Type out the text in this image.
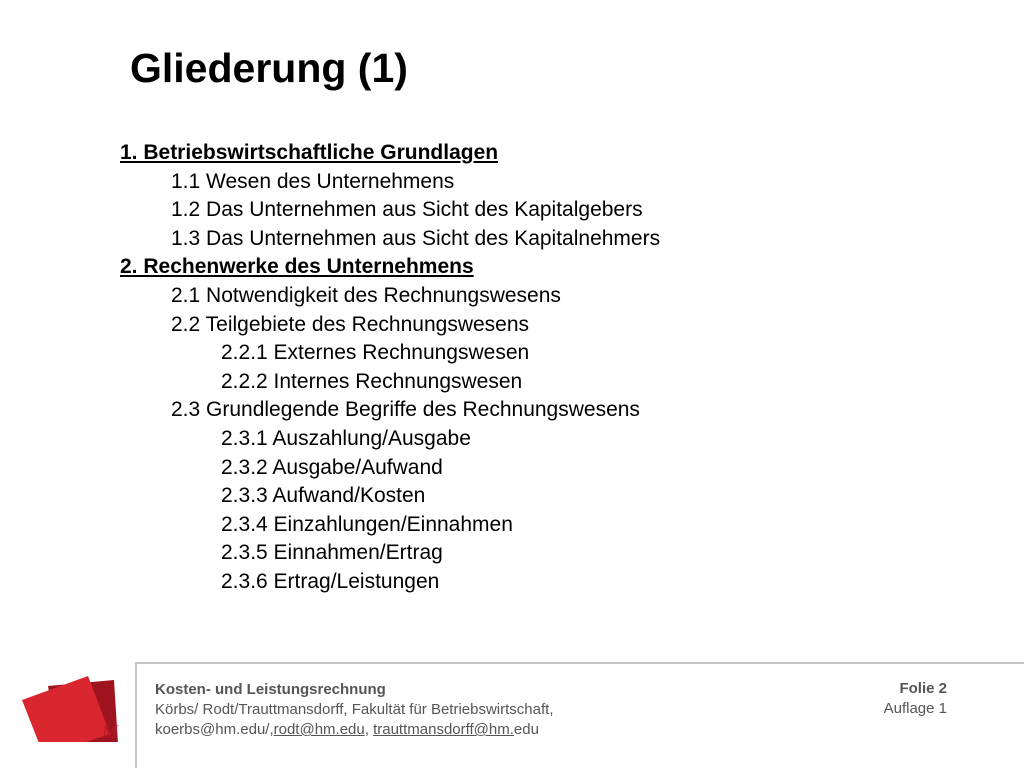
Gliederung (1)
1. Betriebswirtschaftliche Grundlagen
1.1 Wesen des Unternehmens
1.2 Das Unternehmen aus Sicht des Kapitalgebers
1.3 Das Unternehmen aus Sicht des Kapitalnehmers
2. Rechenwerke des Unternehmens
2.1 Notwendigkeit des Rechnungswesens
2.2 Teilgebiete des Rechnungswesens
2.2.1 Externes Rechnungswesen
2.2.2 Internes Rechnungswesen
2.3 Grundlegende Begriffe des Rechnungswesens
2.3.1 Auszahlung/Ausgabe
2.3.2 Ausgabe/Aufwand
2.3.3 Aufwand/Kosten
2.3.4 Einzahlungen/Einnahmen
2.3.5 Einnahmen/Ertrag
2.3.6 Ertrag/Leistungen
Kosten- und Leistungsrechnung
Körbs/ Rodt/Trauttmansdorff, Fakultät für Betriebswirtschaft,
koerbs@hm.edu/,rodt@hm.edu, trauttmansdorff@hm.edu
Folie 2
Auflage 1
M
